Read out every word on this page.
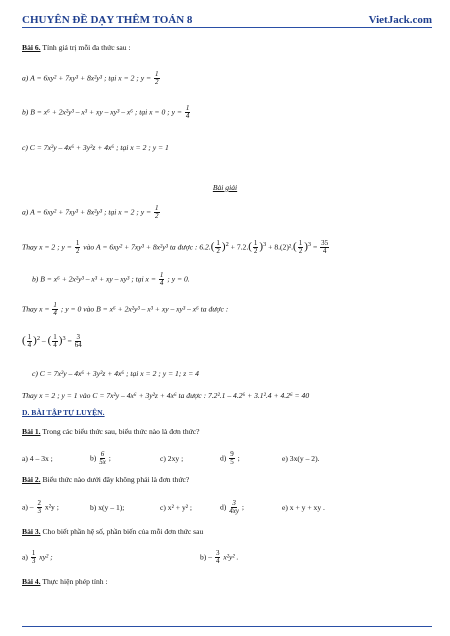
CHUYÊN ĐỀ DẠY THÊM TOÁN 8	VietJack.com
Bài 6. Tính giá trị mỗi đa thức sau :
a) A = 6xy² + 7xy³ + 8x²y³ ; tại x = 2 ; $y = \frac{1}{2}$
b) B = x⁶ + 2x²y³ – x³ + xy – xy³ – x⁶ ; tại x = 0 ; $y = \frac{1}{4}$
c) C = 7x²y – 4x⁶ + 3y²z + 4x⁶ ; tại x = 2 ; y = 1
Bài giải
a) A = 6xy² + 7xy³ + 8x²y³ ; tại x = 2 ; $y = \frac{1}{2}$
Thay x = 2 ; $y = \frac{1}{2}$ vào A = 6xy² + 7xy³ + 8x²y³ ta được : $6.2.( \frac{1}{2} )^2 + 7.2.( \frac{1}{2} )^3 + 8.(2)^2.( \frac{1}{2} )^3 = \frac{35}{4}$
b) B = x⁶ + 2x²y³ – x³ + xy – xy³ ; tại $x = \frac{1}{4}$ ; y = 0.
Thay $x = \frac{1}{4}$ ; y = 0 vào B = x⁶ + 2x²y³ – x³ + xy – xy³ – x⁶ ta được :
( $\frac{1}{4} )^2$ – ( $\frac{1}{4} )^3 = \frac{3}{64}$
c) C = 7x²y – 4x⁶ + 3y²z + 4x⁶ ; tại x = 2 ; y = 1; z = 4
Thay x = 2 ; y = 1 vào C = 7x²y – 4x⁶ + 3y²z + 4x⁶ ta được : 7.2².1 – 4.2⁶ + 3.1².4 + 4.2⁶ = 40
D. BÀI TẬP TỰ LUYỆN.
Bài 1. Trong các biểu thức sau, biểu thức nào là đơn thức?
a) 4 – 3x ;	$b) \frac{6}{5x}$ ;	c) 2xy ;	$d) \frac{9}{5}$ ;	e) 3x(y – 2).
Bài 2. Biểu thức nào dưới đây không phải là đơn thức?
$a) - \frac{2}{3} x^2y$ ;	b) x(y – 1);	c) x² + y² ;	$d) \frac{3}{4xy}$ ;	e) x + y + xy .
Bài 3. Cho biết phần hệ số, phần biến của mỗi đơn thức sau
$a) \frac{1}{3} xy^2$ ;	$b) - \frac{3}{4} x^2y^2$ .
Bài 4. Thực hiện phép tính :
